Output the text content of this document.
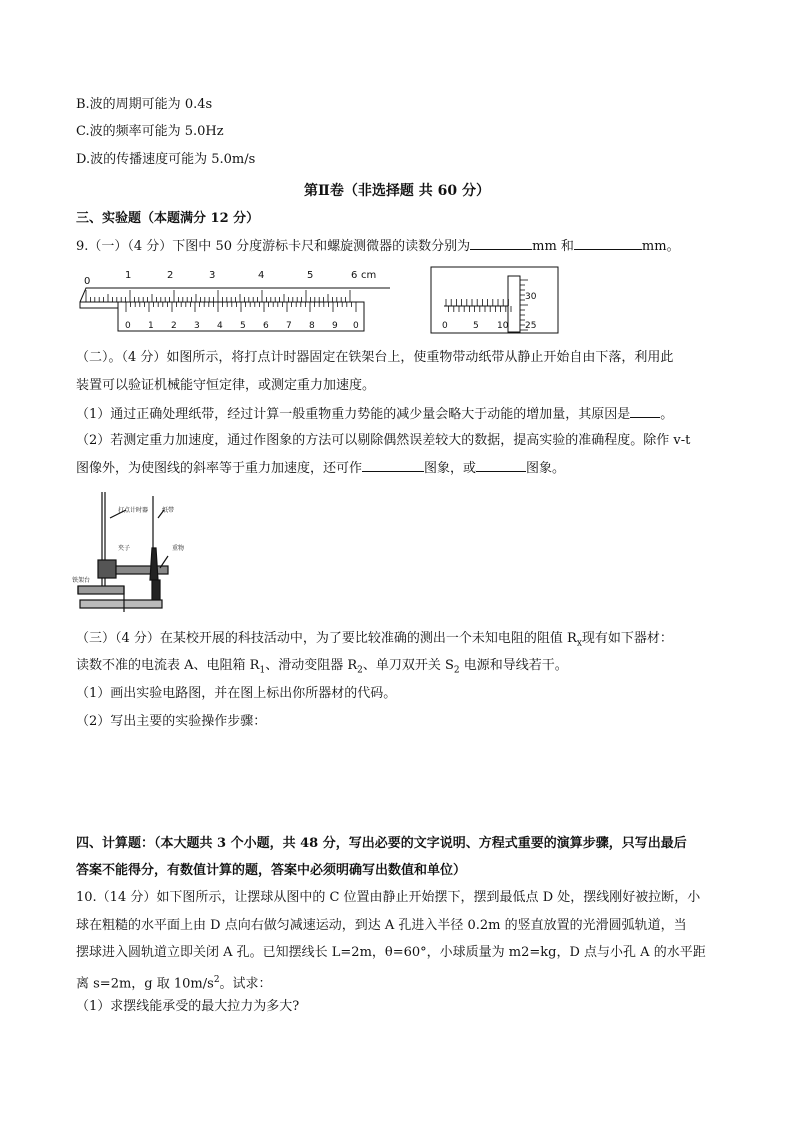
B.波的周期可能为 0.4s
C.波的频率可能为 5.0Hz
D.波的传播速度可能为 5.0m/s
第Ⅱ卷（非选择题 共 60 分）
三、实验题（本题满分 12 分）
9.（一）（4 分）下图中 50 分度游标卡尺和螺旋测微器的读数分别为	mm 和	mm。
0
1	2	3	4	5	6 cm
0 1 2 3 4 5 6 7 8 9 0	0	5 10
30
25
（二）。（4 分）如图所示，将打点计时器固定在铁架台上，使重物带动纸带从静止开始自由下落，利用此
装置可以验证机械能守恒定律，或测定重力加速度。
（1）通过正确处理纸带，经过计算一般重物重力势能的减少量会略大于动能的增加量，其原因是 。
（2）若测定重力加速度，通过作图象的方法可以剔除偶然误差较大的数据，提高实验的准确程度。除作 v-t
图像外，为使图线的斜率等于重力加速度，还可作	图象，或	图象。
打点计时器 纸带
夹子	重物
铁架台
（三）（4 分）在某校开展的科技活动中，为了要比较准确的测出一个未知电阻的阻值 $R_x$现有如下器材：
读数不准的电流表 A、电阻箱 $R_1$、滑动变阻器 $R_2$、单刀双开关 $S_2$ 电源和导线若干。
（1）画出实验电路图，并在图上标出你所器材的代码。
（2）写出主要的实验操作步骤：
四、计算题：（本大题共 3 个小题，共 48 分，写出必要的文字说明、方程式重要的演算步骤，只写出最后
答案不能得分，有数值计算的题，答案中必须明确写出数值和单位）
10.（14 分）如下图所示，让摆球从图中的 C 位置由静止开始摆下，摆到最低点 D 处，摆线刚好被拉断，小
球在粗糙的水平面上由 D 点向右做匀减速运动，到达 A 孔进入半径 0.2m 的竖直放置的光滑圆弧轨道，当
摆球进入圆轨道立即关闭 A 孔。已知摆线长 L=2m，θ=60°，小球质量为 m2=kg，D 点与小孔 A 的水平距
离 s=2m，g 取 $10m/s^2$。试求：
（1）求摆线能承受的最大拉力为多大?
